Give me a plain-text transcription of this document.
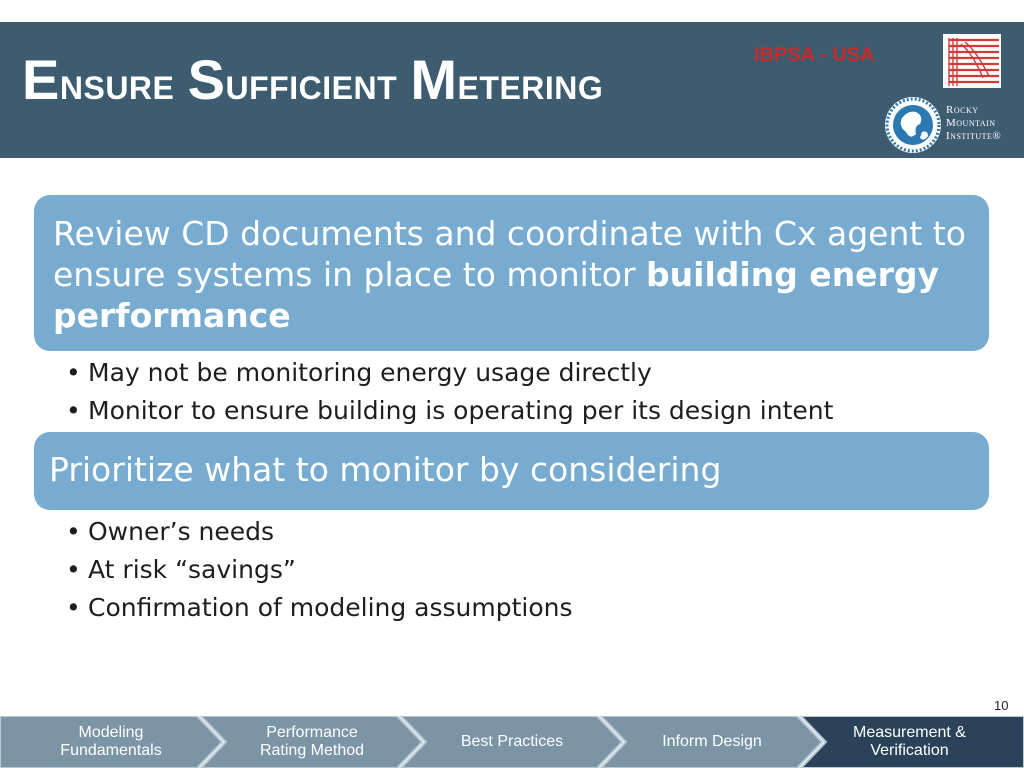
Ensure Sufficient Metering
IBPSA - USA
Rocky
Mountain
Institute®
Review CD documents and coordinate with Cx agent to ensure systems in place to monitor building energy performance
• May not be monitoring energy usage directly
• Monitor to ensure building is operating per its design intent
Prioritize what to monitor by considering
• Owner’s needs
• At risk “savings”
• Confirmation of modeling assumptions
10
Modeling
Fundamentals
Performance
Rating Method
Best Practices	Inform Design
Measurement &
Verification
